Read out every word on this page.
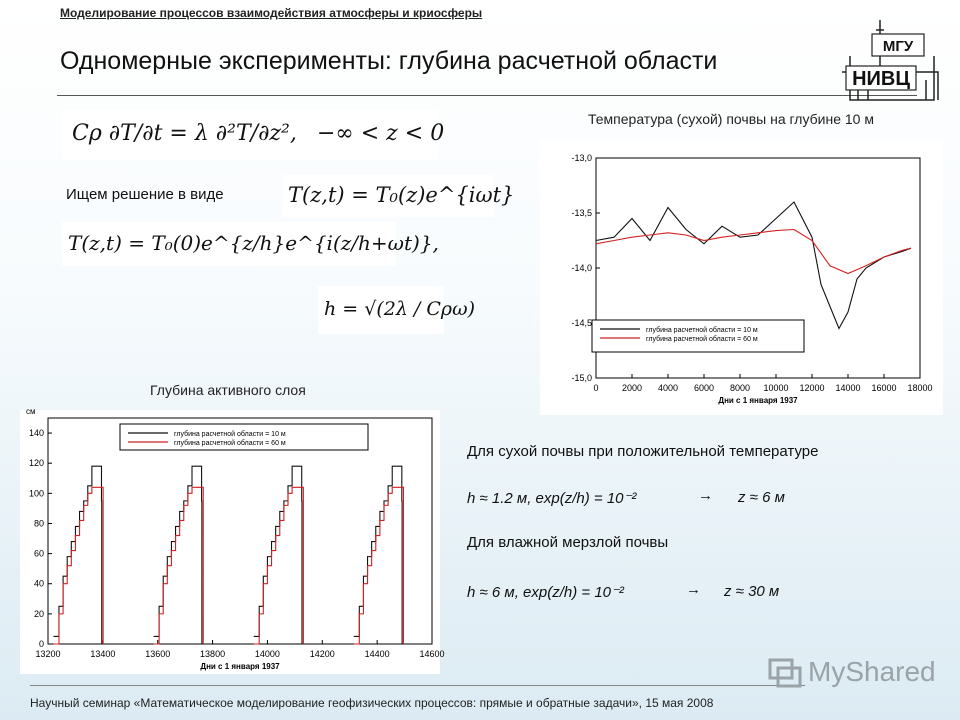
Моделирование процессов взаимодействия атмосферы и криосферы
Одномерные эксперименты: глубина расчетной области
МГУ
НИВЦ
Cρ ∂T/∂t = λ ∂²T/∂z², −∞ < z < 0
Ищем решение в виде	T(z,t) = T₀(z)e^{iωt}
T(z,t) = T₀(0)e^{z/h}e^{i(z/h+ωt)},
h = √(2λ / Cρω)
Температура (сухой) почвы на глубине 10 м
Глубина активного слоя	0	2000 4000 6000 8000 10000 12000 14000 16000 18000
-13,0
-13,5
-14,0
-14,5
-15,0
Дни с 1 января 1937
глубина расчетной области = 10 м
глубина расчетной области = 60 м
13200	13400	13600	13800	14000	14200	14400	14600
0
20
40
60
80
100
120
140
см
Дни с 1 января 1937
глубина расчетной области = 10 м
глубина расчетной области = 60 м	Для сухой почвы при положительной температуре
h ≈ 1.2 м, exp(z/h) = 10⁻²	→ z ≈ 6 м
Для влажной мерзлой почвы
h ≈ 6 м, exp(z/h) = 10⁻²	→ z ≈ 30 м
Научный семинар «Математическое моделирование геофизических процессов: прямые и обратные задачи», 15 мая 2008
MyShared
